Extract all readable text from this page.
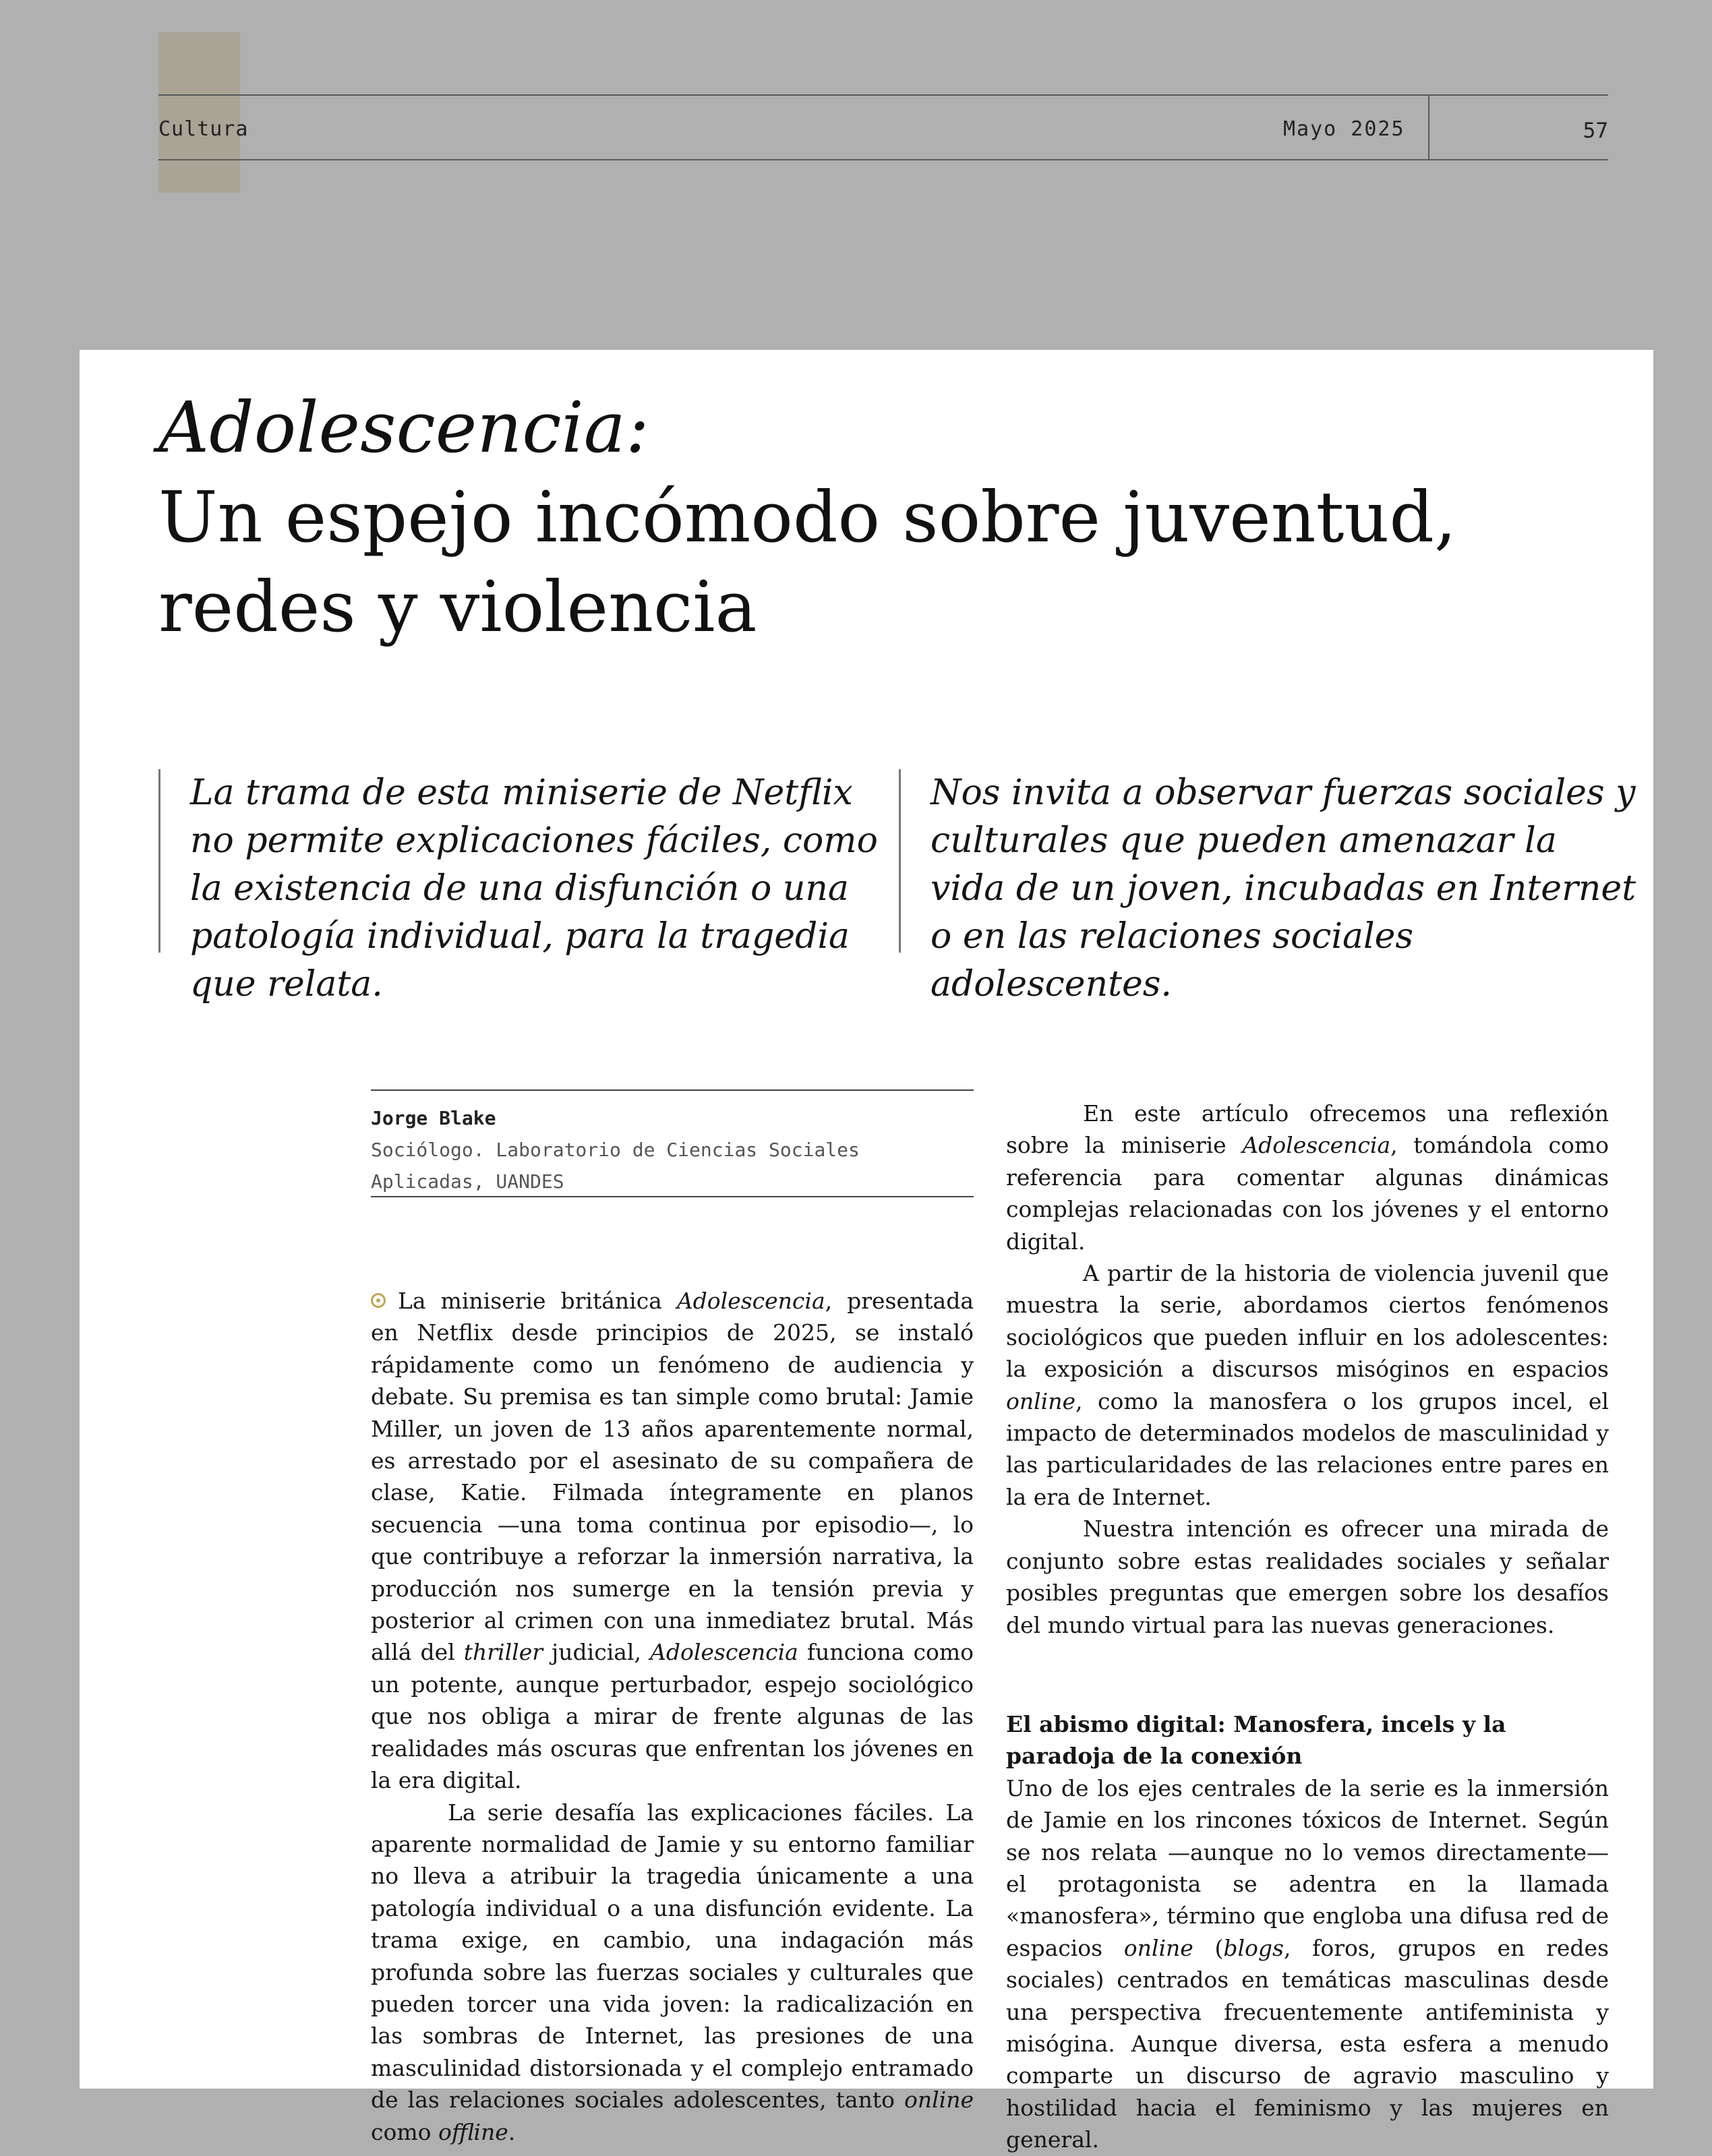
Cultura	Mayo 2025	57
Adolescencia:
Un espejo incómodo sobre juventud, redes y violencia
La trama de esta miniserie de Netflix no permite explicaciones fáciles, como la existencia de una disfunción o una patología individual, para la tragedia que relata.
Nos invita a observar fuerzas sociales y culturales que pueden amenazar la vida de un joven, incubadas en Internet o en las relaciones sociales adolescentes.
Jorge Blake
Sociólogo. Laboratorio de Ciencias Sociales Aplicadas, UANDES

La miniserie británica Adolescencia, presentada en Netflix desde principios de 2025, se instaló rápidamente como un fenómeno de audiencia y debate. Su premisa es tan simple como brutal: Jamie Miller, un joven de 13 años aparentemente normal, es arrestado por el asesinato de su compañera de clase, Katie. Filmada íntegramente en planos secuencia —una toma continua por episodio—, lo que contribuye a reforzar la inmersión narrativa, la producción nos sumerge en la tensión previa y posterior al crimen con una inmediatez brutal. Más allá del thriller judicial, Adolescencia funciona como un potente, aunque perturbador, espejo sociológico que nos obliga a mirar de frente algunas de las realidades más oscuras que enfrentan los jóvenes en la era digital.

La serie desafía las explicaciones fáciles. La aparente normalidad de Jamie y su entorno familiar no lleva a atribuir la tragedia únicamente a una patología individual o a una disfunción evidente. La trama exige, en cambio, una indagación más profunda sobre las fuerzas sociales y culturales que pueden torcer una vida joven: la radicalización en las sombras de Internet, las presiones de una masculinidad distorsionada y el complejo entramado de las relaciones sociales adolescentes, tanto online como offline.

En este artículo ofrecemos una reflexión sobre la miniserie Adolescencia, tomándola como referencia para comentar algunas dinámicas complejas relacionadas con los jóvenes y el entorno digital.

A partir de la historia de violencia juvenil que muestra la serie, abordamos ciertos fenómenos sociológicos que pueden influir en los adolescentes: la exposición a discursos misóginos en espacios online, como la manosfera o los grupos incel, el impacto de determinados modelos de masculinidad y las particularidades de las relaciones entre pares en la era de Internet.

Nuestra intención es ofrecer una mirada de conjunto sobre estas realidades sociales y señalar posibles preguntas que emergen sobre los desafíos del mundo virtual para las nuevas generaciones.

El abismo digital: Manosfera, incels y la paradoja de la conexión

Uno de los ejes centrales de la serie es la inmersión de Jamie en los rincones tóxicos de Internet. Según se nos relata —aunque no lo vemos directamente— el protagonista se adentra en la llamada «manosfera», término que engloba una difusa red de espacios online (blogs, foros, grupos en redes sociales) centrados en temáticas masculinas desde una perspectiva frecuentemente antifeminista y misógina. Aunque diversa, esta esfera a menudo comparte un discurso de agravio masculino y hostilidad hacia el feminismo y las mujeres en general.
